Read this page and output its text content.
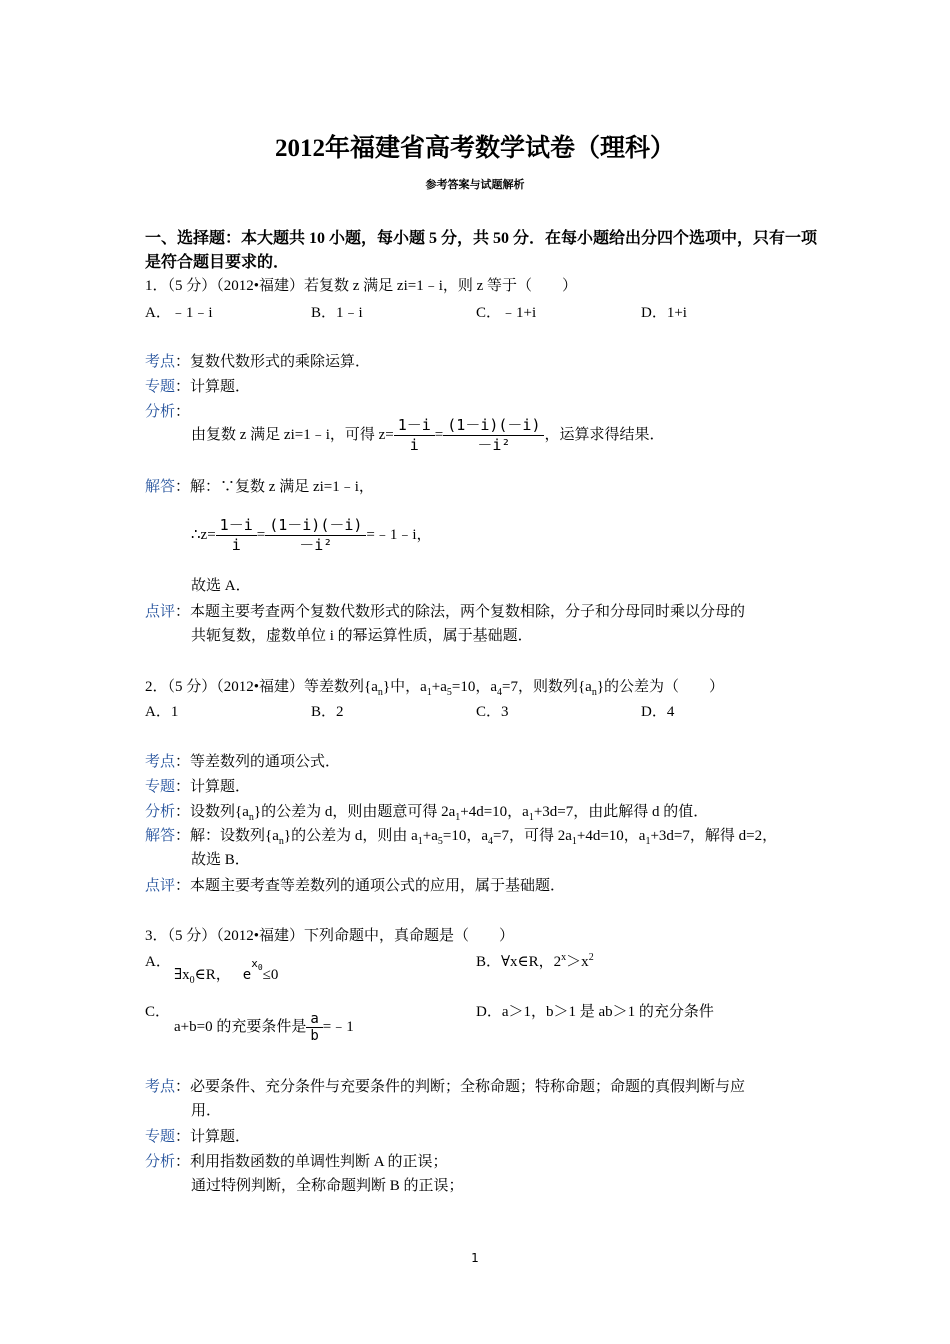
2012年福建省高考数学试卷（理科）
参考答案与试题解析
一、选择题：本大题共 10 小题，每小题 5 分，共 50 分．在每小题给出分四个选项中，只有一项
是符合题目要求的．
1．（5 分）（2012•福建）若复数 z 满足 zi=1﹣i，则 z 等于（　　）
A．﹣1﹣i	B．1﹣i	C．﹣1+i	D．1+i
考点：复数代数形式的乘除运算．
专题：计算题．
分析：
由复数 z 满足 zi=1﹣i，可得 $z= \frac{1-i}{i} = \frac{(1-i)(-i)}{\text{－i²}}$ ，运算求得结果．
解答：解：∵复数 z 满足 zi=1﹣i，
∴z= $\frac{1-i}{i} = \frac{(1-i)(-i)}{\text{－i²}}$ =﹣1﹣i，
故选 A．
点评：本题主要考查两个复数代数形式的除法，两个复数相除，分子和分母同时乘以分母的
共轭复数，虚数单位 i 的幂运算性质，属于基础题．
2．（5 分）（2012•福建）等差数列$\{a_n\}$中，$a_1+a_5=10$，$a_4=7$，则数列$\{a_n\}$的公差为（　　）
A．1	B．2	C．3	D．4
考点：等差数列的通项公式．
专题：计算题．
分析：设数列$\{a_n\}$的公差为 d，则由题意可得 $2a_1+4d=10$，$a_1+3d=7$，由此解得 d 的值．
解答：解：设数列$\{a_n\}$的公差为 d，则由 $a_1+a_5=10$，$a_4=7$，可得 $2a_1+4d=10$，$a_1+3d=7$，解得 d=2，
故选 B．
点评：本题主要考查等差数列的通项公式的应用，属于基础题．
3．（5 分）（2012•福建）下列命题中，真命题是（　　）
A．
$\exists x_0\in R$， $e^{x_0}\le 0$
B．∀x∈R，$2^x>x^2$
C．
a+b=0 的充要条件是 $\frac{a}{b}$ =﹣1
D．a＞1，b＞1 是 ab＞1 的充分条件
考点：必要条件、充分条件与充要条件的判断；全称命题；特称命题；命题的真假判断与应
用．
专题：计算题．
分析：利用指数函数的单调性判断 A 的正误；
通过特例判断，全称命题判断 B 的正误；
1
